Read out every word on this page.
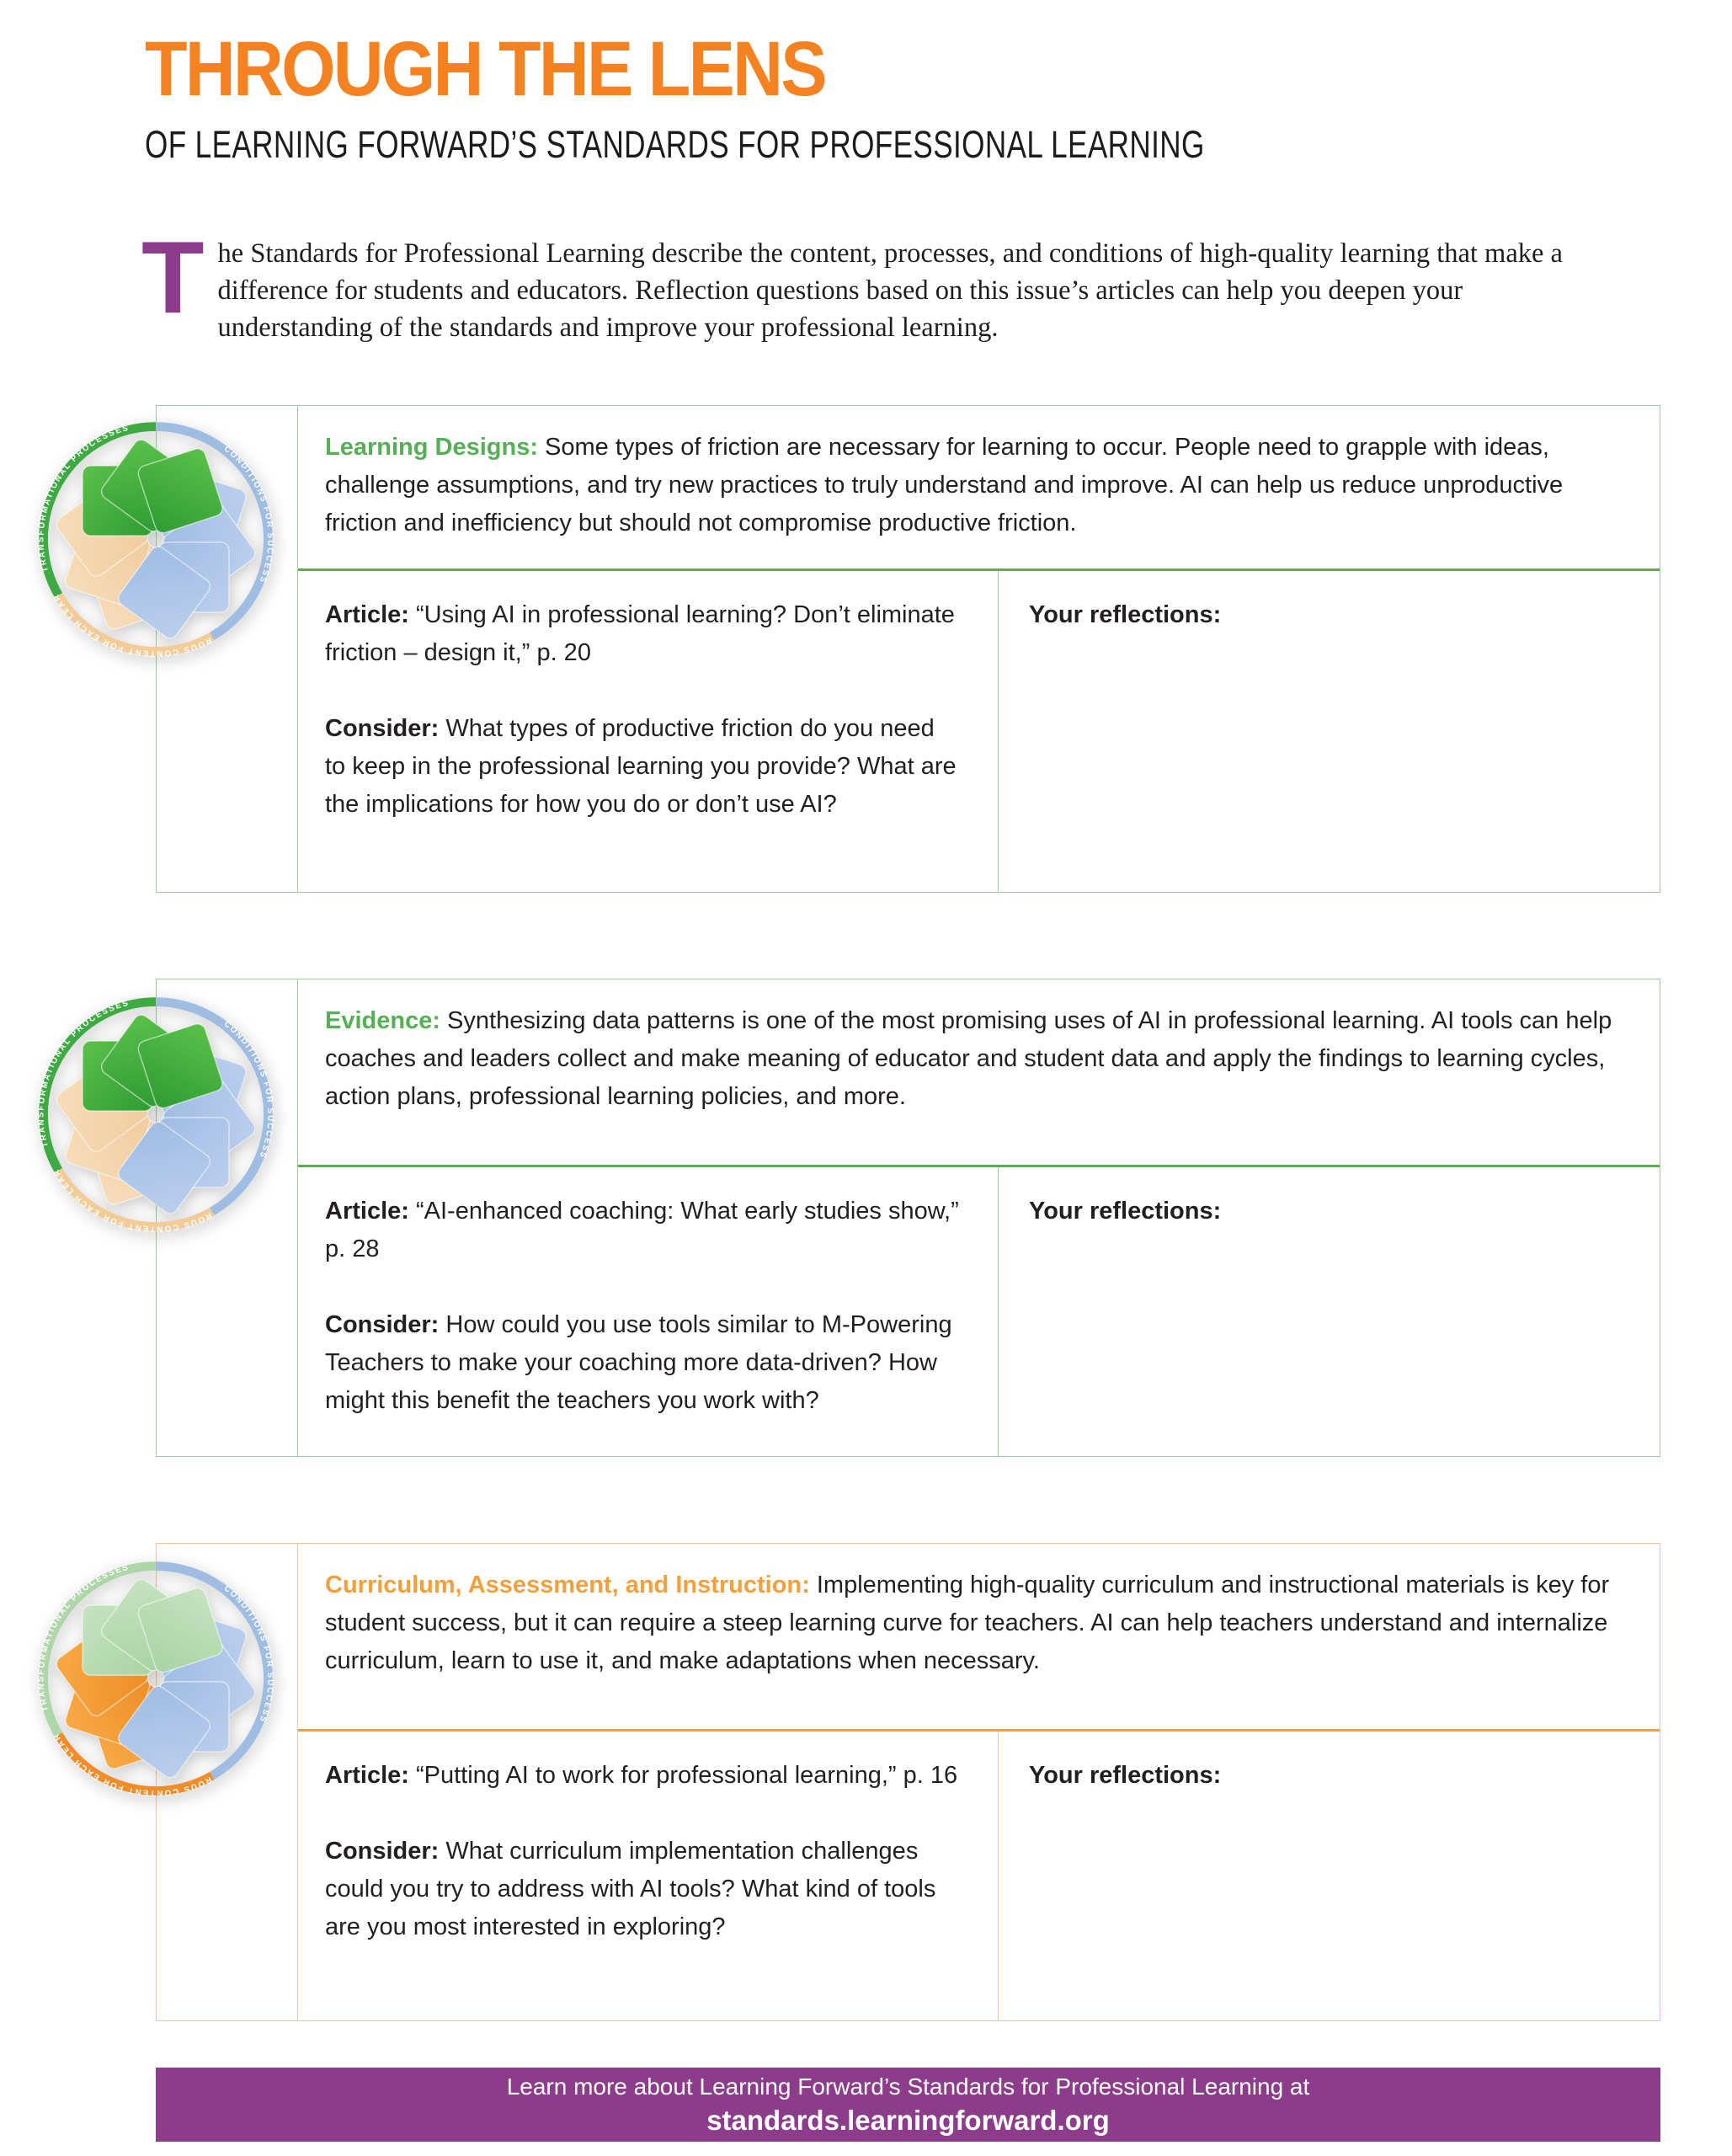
THROUGH THE LENS
OF LEARNING FORWARD’S STANDARDS FOR PROFESSIONAL LEARNING

The Standards for Professional Learning describe the content, processes, and conditions of high-quality learning that make a difference for students and educators. Reflection questions based on this issue’s articles can help you deepen your understanding of the standards and improve your professional learning.

TRANSFORMATIONAL PROCESSES
CONDITIONS FOR SUCCESS
RIGOROUS CONTENT FOR EACH LEARNER
Learning Designs: Some types of friction are necessary for learning to occur. People need to grapple with ideas, challenge assumptions, and try new practices to truly understand and improve. AI can help us reduce unproductive friction and inefficiency but should not compromise productive friction.
Article: “Using AI in professional learning? Don’t eliminate friction – design it,” p. 20
Consider: What types of productive friction do you need to keep in the professional learning you provide? What are the implications for how you do or don’t use AI?
Your reflections:
TRANSFORMATIONAL PROCESSES
CONDITIONS FOR SUCCESS
RIGOROUS CONTENT FOR EACH LEARNER
Evidence: Synthesizing data patterns is one of the most promising uses of AI in professional learning. AI tools can help coaches and leaders collect and make meaning of educator and student data and apply the findings to learning cycles, action plans, professional learning policies, and more.
Article: “AI-enhanced coaching: What early studies show,” p. 28
Consider: How could you use tools similar to M-Powering Teachers to make your coaching more data-driven? How might this benefit the teachers you work with?
Your reflections:
TRANSFORMATIONAL PROCESSES
CONDITIONS FOR SUCCESS
RIGOROUS CONTENT FOR EACH LEARNER
Curriculum, Assessment, and Instruction: Implementing high-quality curriculum and instructional materials is key for student success, but it can require a steep learning curve for teachers. AI can help teachers understand and internalize curriculum, learn to use it, and make adaptations when necessary.
Article: “Putting AI to work for professional learning,” p. 16
Consider: What curriculum implementation challenges could you try to address with AI tools? What kind of tools are you most interested in exploring?
Your reflections:
Learn more about Learning Forward’s Standards for Professional Learning at
standards.learningforward.org
